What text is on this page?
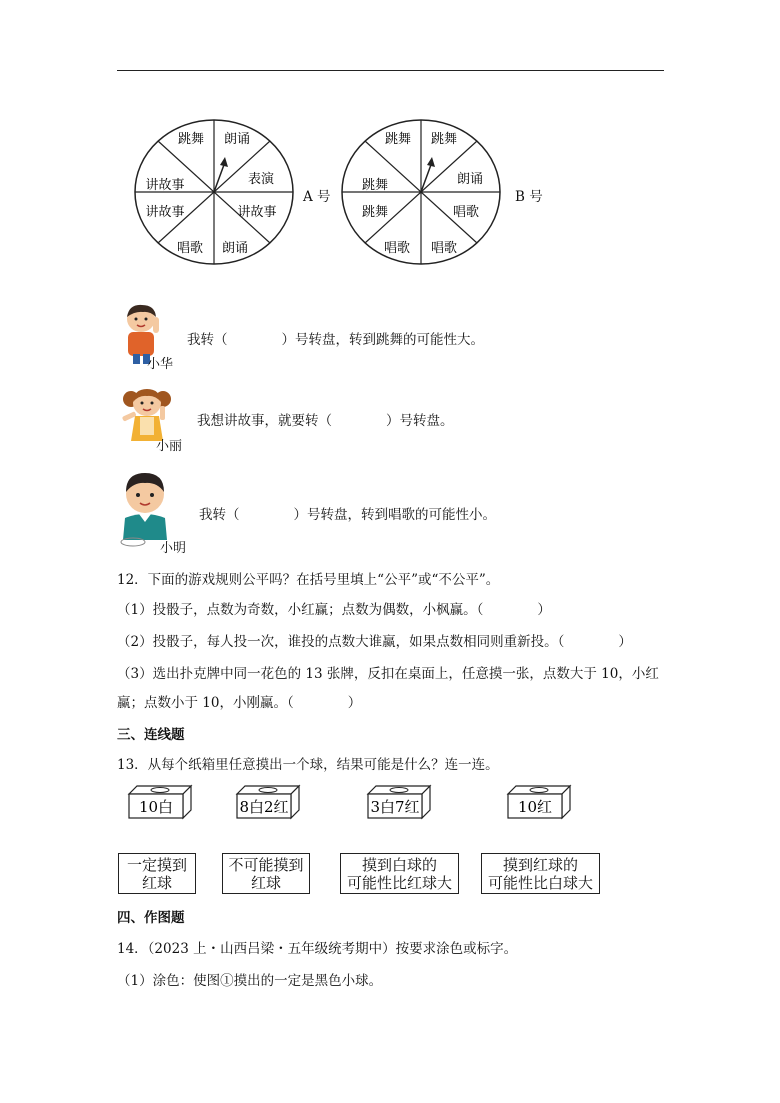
朗诵
表演
讲故事
朗诵
唱歌
讲故事
讲故事
跳舞
A 号
跳舞
朗诵
唱歌
唱歌
唱歌
跳舞
跳舞
跳舞
B 号
小华
我转（　　　　）号转盘，转到跳舞的可能性大。
小丽
我想讲故事，就要转（　　　　）号转盘。
小明
我转（　　　　）号转盘，转到唱歌的可能性小。
12．下面的游戏规则公平吗？在括号里填上“公平”或“不公平”。
（1）投骰子，点数为奇数，小红赢；点数为偶数，小枫赢。（　　　　）
（2）投骰子，每人投一次，谁投的点数大谁赢，如果点数相同则重新投。（　　　　）
（3）选出扑克牌中同一花色的 13 张牌，反扣在桌面上，任意摸一张，点数大于 10，小红
赢；点数小于 10，小刚赢。（　　　　）
三、连线题
13．从每个纸箱里任意摸出一个球，结果可能是什么？连一连。
10白	8白2红	3白7红	10红
一定摸到
红球
不可能摸到
红球
摸到白球的
可能性比红球大
摸到红球的
可能性比白球大
四、作图题
14．（2023 上・山西吕梁・五年级统考期中）按要求涂色或标字。
（1）涂色：使图①摸出的一定是黑色小球。
